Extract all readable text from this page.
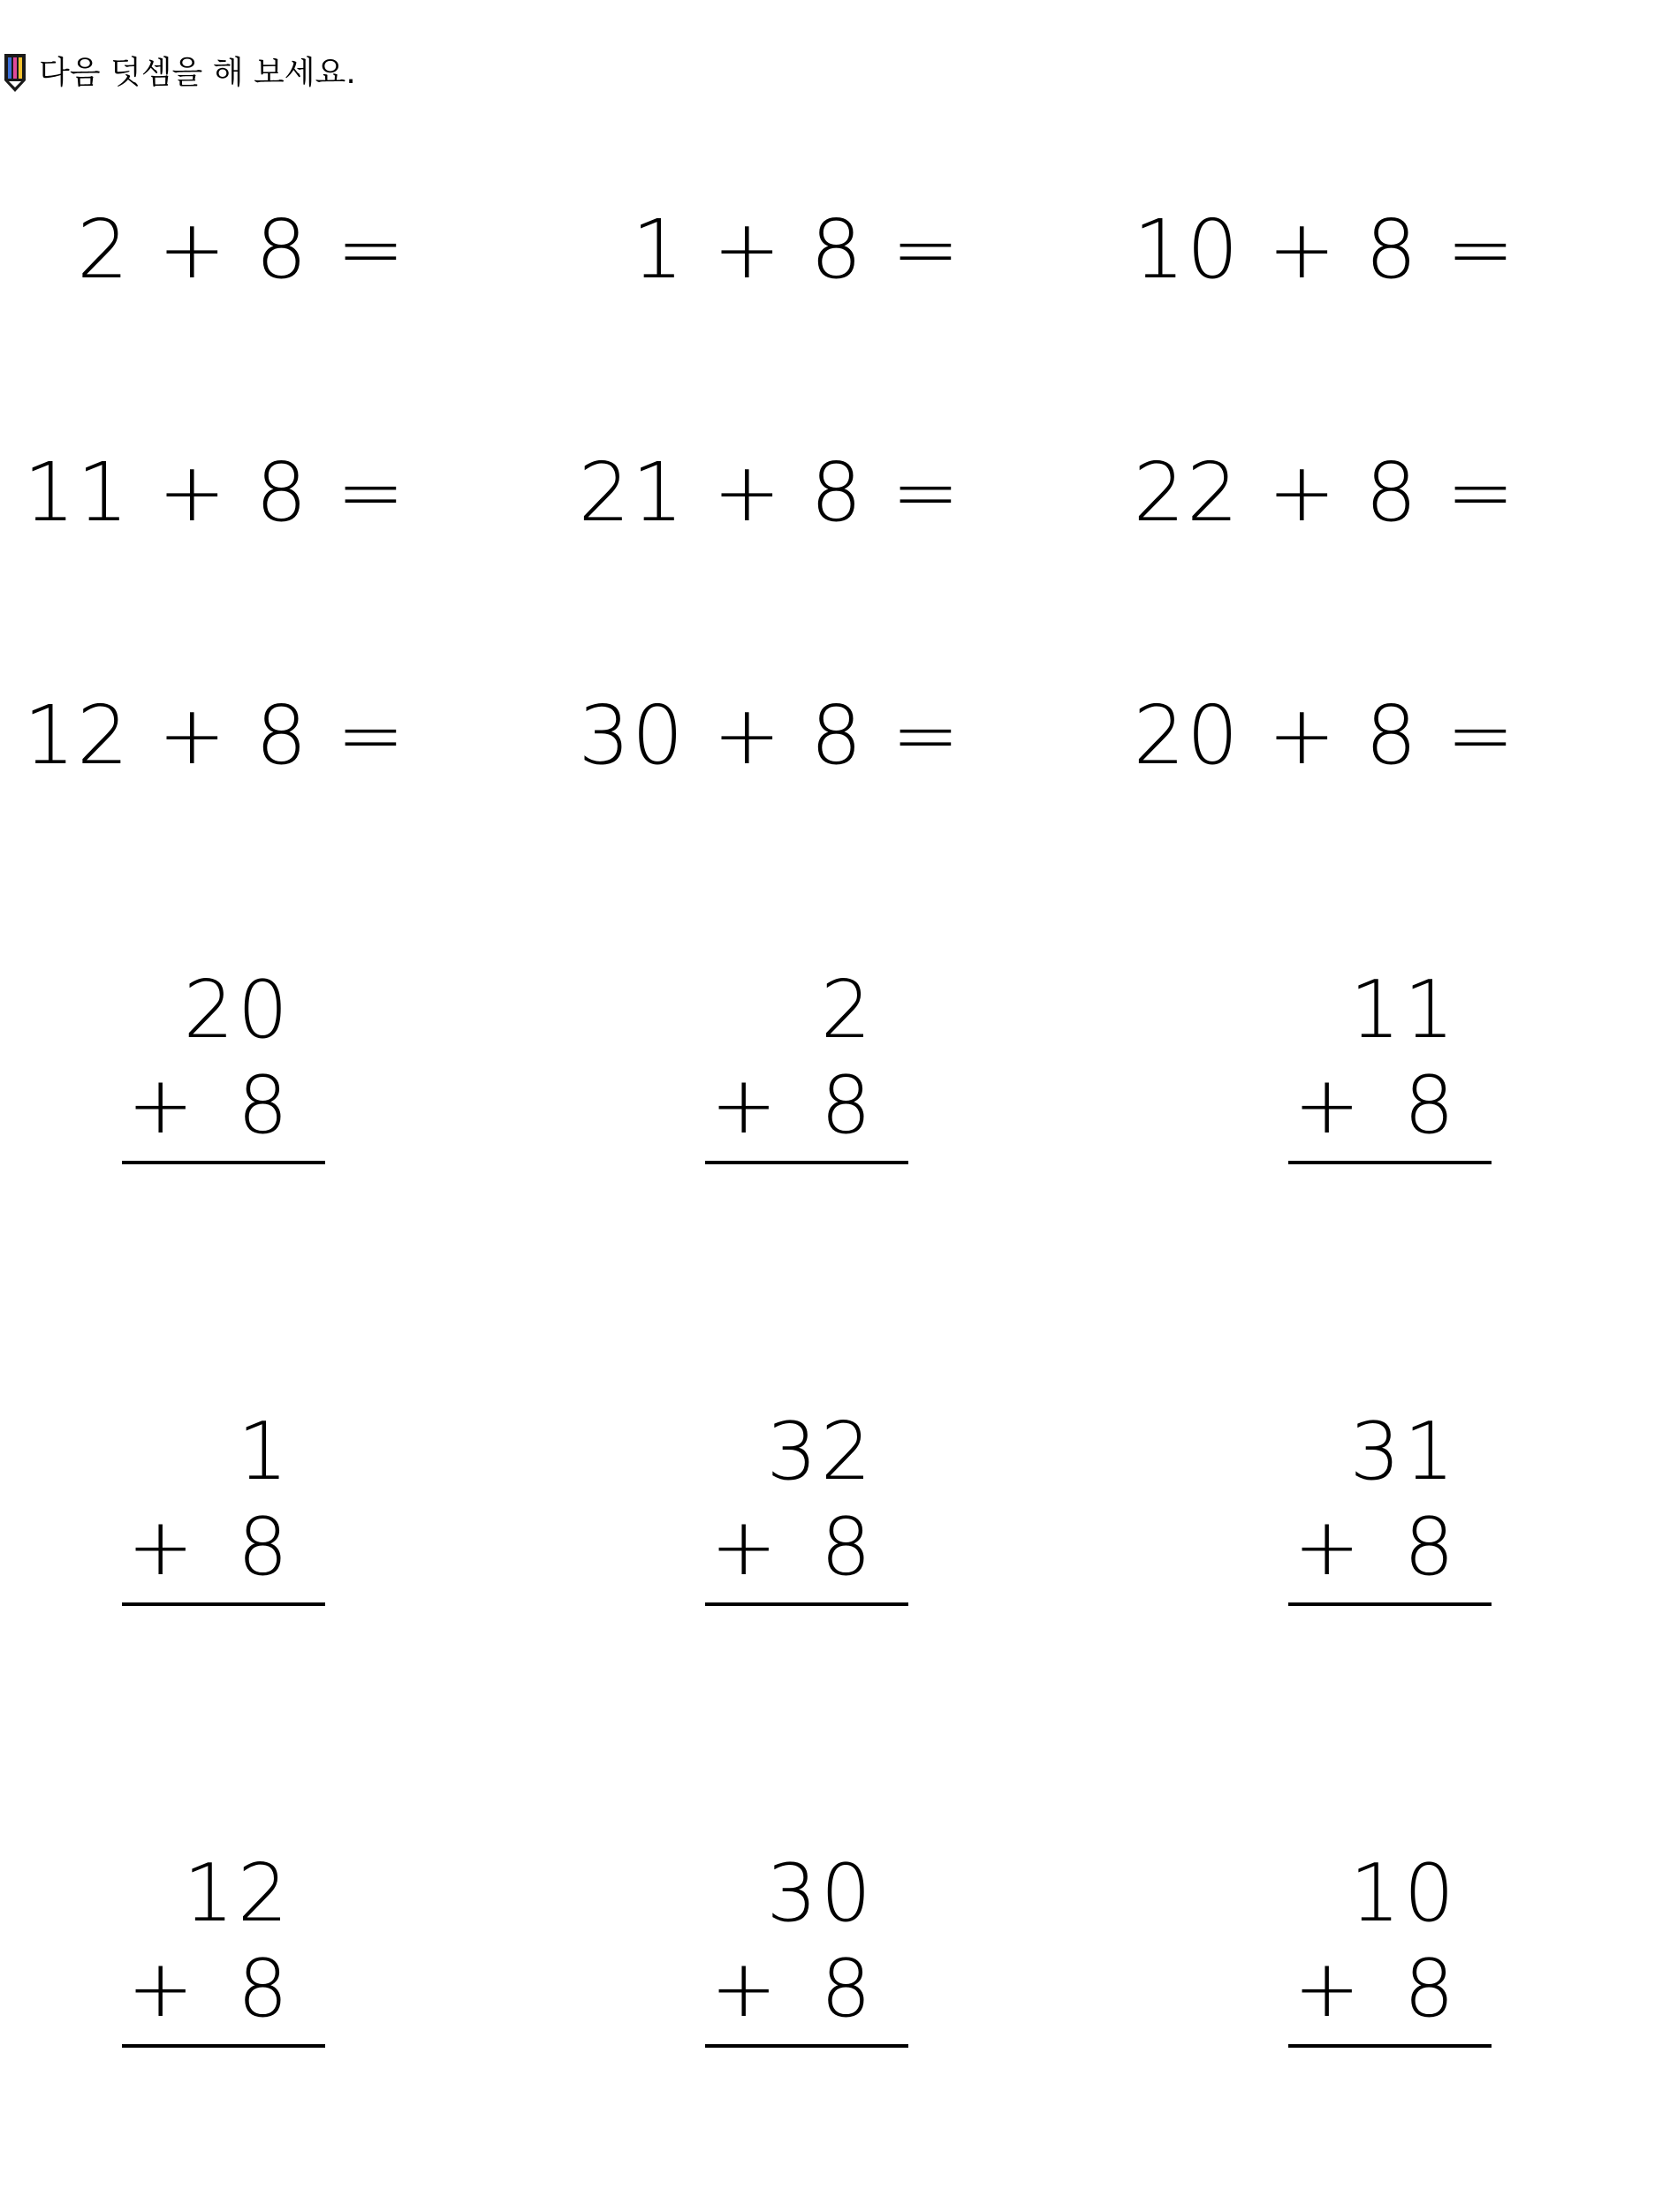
다음 덧셈을 해 보세요.
2 + 8 =	1 + 8 =	10 + 8 =
11 + 8 =	21 + 8 =	22 + 8 =
12 + 8 =	30 + 8 =	20 + 8 =
20
+ 8
2
+ 8
11
+ 8
1
+ 8
32
+ 8
31
+ 8
12
+ 8
30
+ 8
10
+ 8
